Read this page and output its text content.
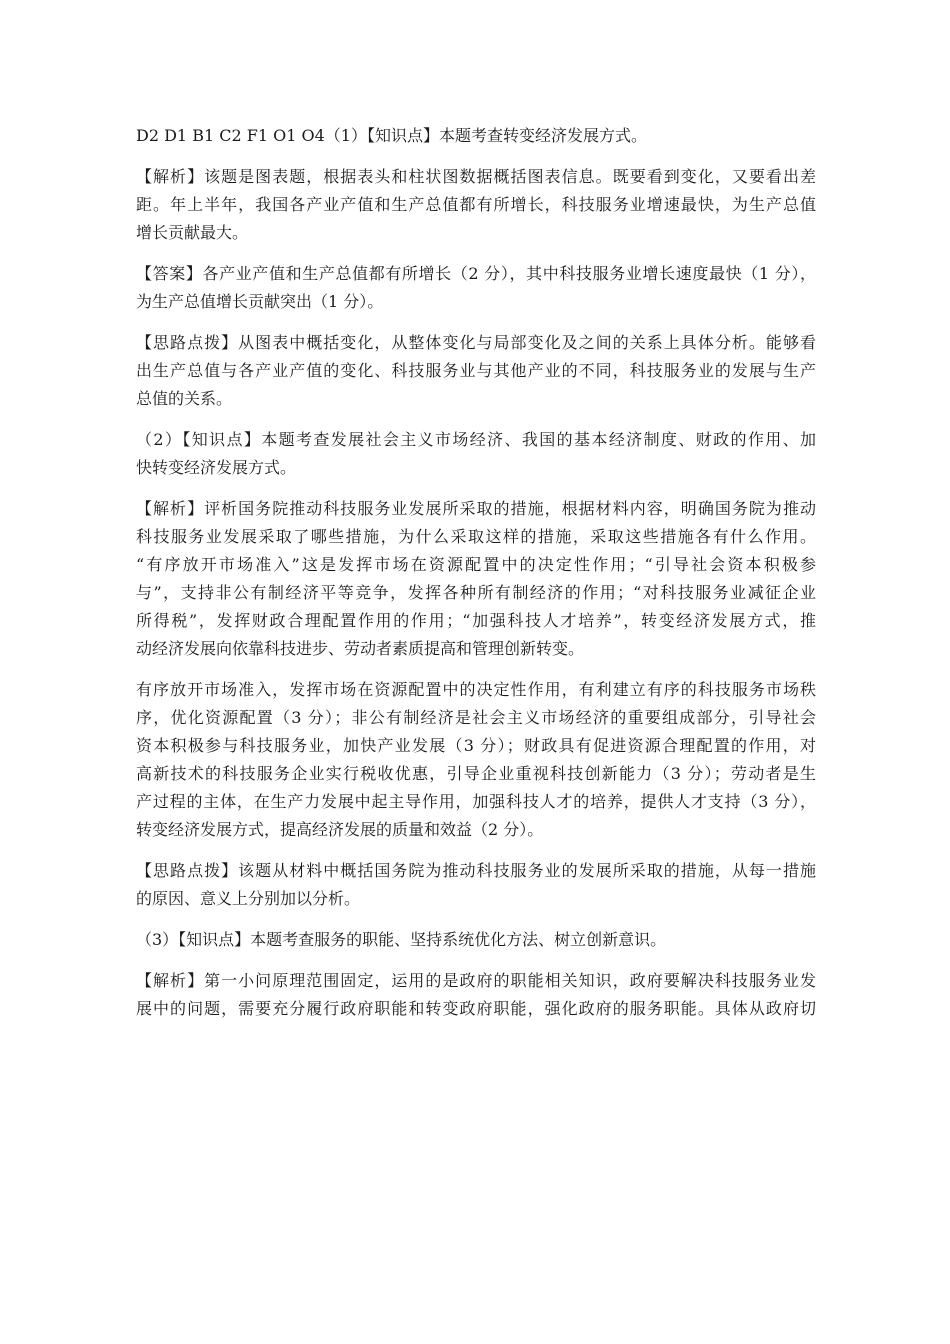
D2 D1 B1 C2 F1 O1 O4（1）【知识点】本题考查转变经济发展方式。
【解析】该题是图表题，根据表头和柱状图数据概括图表信息。既要看到变化，又要看出差
距。年上半年，我国各产业产值和生产总值都有所增长，科技服务业增速最快，为生产总值
增长贡献最大。
【答案】各产业产值和生产总值都有所增长（2 分），其中科技服务业增长速度最快（1 分），
为生产总值增长贡献突出（1 分）。
【思路点拨】从图表中概括变化，从整体变化与局部变化及之间的关系上具体分析。能够看
出生产总值与各产业产值的变化、科技服务业与其他产业的不同，科技服务业的发展与生产
总值的关系。
（2）【知识点】本题考查发展社会主义市场经济、我国的基本经济制度、财政的作用、加
快转变经济发展方式。
【解析】评析国务院推动科技服务业发展所采取的措施，根据材料内容，明确国务院为推动
科技服务业发展采取了哪些措施，为什么采取这样的措施，采取这些措施各有什么作用。
“有序放开市场准入”这是发挥市场在资源配置中的决定性作用；“引导社会资本积极参
与”，支持非公有制经济平等竞争，发挥各种所有制经济的作用；“对科技服务业减征企业
所得税”，发挥财政合理配置作用的作用；“加强科技人才培养”，转变经济发展方式，推
动经济发展向依靠科技进步、劳动者素质提高和管理创新转变。
有序放开市场准入，发挥市场在资源配置中的决定性作用，有利建立有序的科技服务市场秩
序，优化资源配置（3 分）；非公有制经济是社会主义市场经济的重要组成部分，引导社会
资本积极参与科技服务业，加快产业发展（3 分）；财政具有促进资源合理配置的作用，对
高新技术的科技服务企业实行税收优惠，引导企业重视科技创新能力（3 分）；劳动者是生
产过程的主体，在生产力发展中起主导作用，加强科技人才的培养，提供人才支持（3 分），
转变经济发展方式，提高经济发展的质量和效益（2 分）。
【思路点拨】该题从材料中概括国务院为推动科技服务业的发展所采取的措施，从每一措施
的原因、意义上分别加以分析。
（3）【知识点】本题考查服务的职能、坚持系统优化方法、树立创新意识。
【解析】第一小问原理范围固定，运用的是政府的职能相关知识，政府要解决科技服务业发
展中的问题，需要充分履行政府职能和转变政府职能，强化政府的服务职能。具体从政府切
